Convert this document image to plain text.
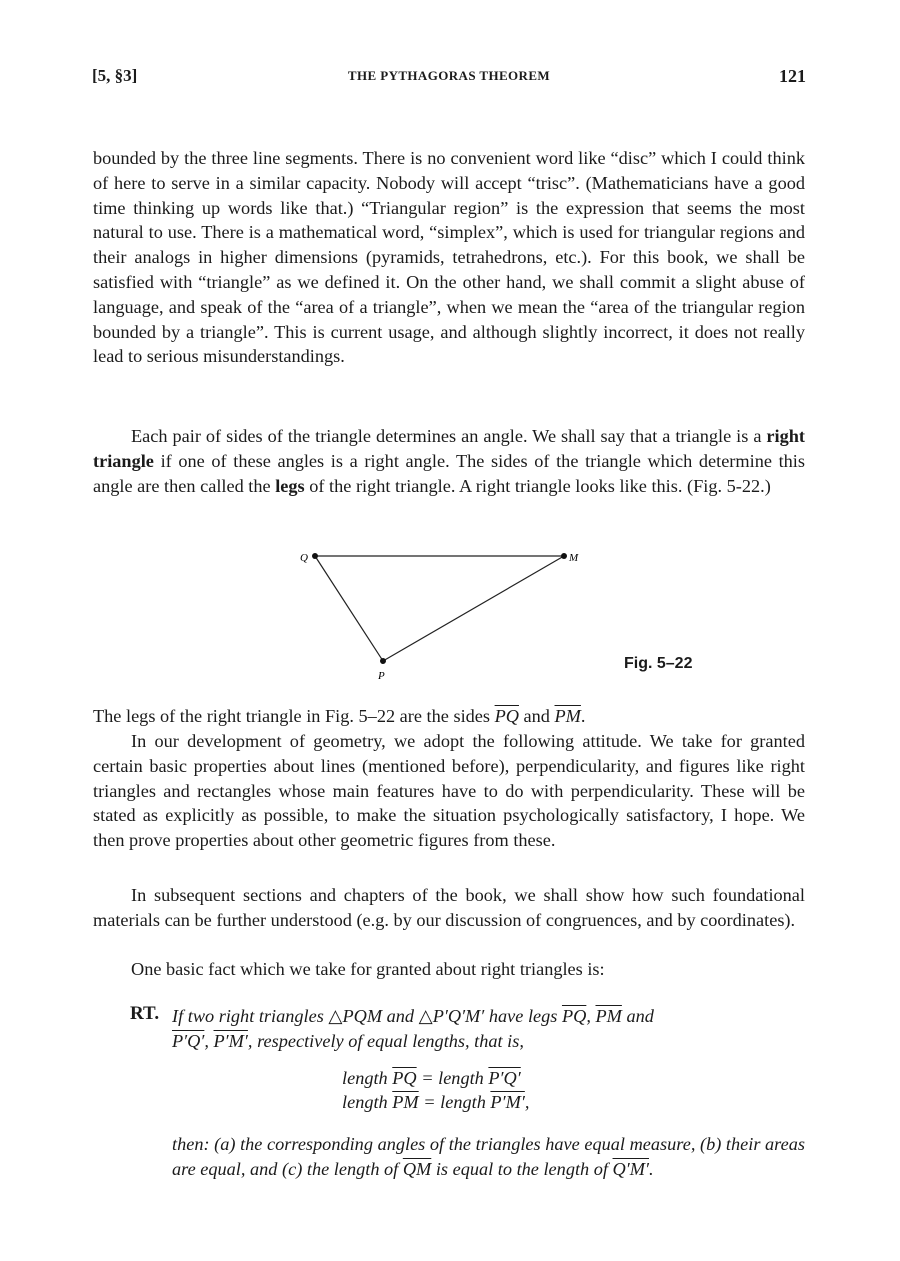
[5, §3]	THE PYTHAGORAS THEOREM	121

bounded by the three line segments. There is no convenient word like “disc” which I could think of here to serve in a similar capacity. Nobody will accept “trisc”. (Mathematicians have a good time thinking up words like that.) “Triangular region” is the expression that seems the most natural to use. There is a mathematical word, “simplex”, which is used for triangular regions and their analogs in higher dimensions (pyramids, tetrahedrons, etc.). For this book, we shall be satisfied with “triangle” as we defined it. On the other hand, we shall commit a slight abuse of language, and speak of the “area of a triangle”, when we mean the “area of the triangular region bounded by a triangle”. This is current usage, and although slightly incorrect, it does not really lead to serious misunderstandings.

Each pair of sides of the triangle determines an angle. We shall say that a triangle is a right triangle if one of these angles is a right angle. The sides of the triangle which determine this angle are then called the legs of the right triangle. A right triangle looks like this. (Fig. 5-22.)

Q	M
P
Fig. 5–22

The legs of the right triangle in Fig. 5–22 are the sides $\overline{PQ}$ and $\overline{PM}$.

In our development of geometry, we adopt the following attitude. We take for granted certain basic properties about lines (mentioned before), perpendicularity, and figures like right triangles and rectangles whose main features have to do with perpendicularity. These will be stated as explicitly as possible, to make the situation psychologically satisfactory, I hope. We then prove properties about other geometric figures from these.

In subsequent sections and chapters of the book, we shall show how such foundational materials can be further understood (e.g. by our discussion of congruences, and by coordinates).

One basic fact which we take for granted about right triangles is:

RT. If two right triangles △PQM and △P′Q′M′ have legs $\overline{PQ}$, $\overline{PM}$ and

P′Q′, P′M′, respectively of equal lengths, that is,

length $\overline{PQ}$ = length P′Q′
length $\overline{PM}$ = length P′M′,

then: (a) the corresponding angles of the triangles have equal measure, (b) their areas are equal, and (c) the length of $\overline{QM}$ is equal to the length of Q′M′.
